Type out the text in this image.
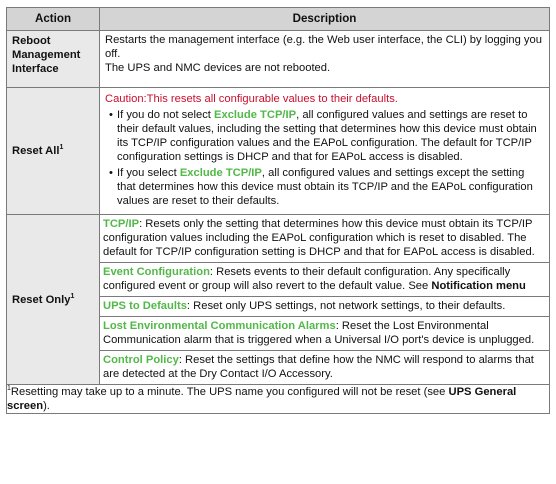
Action	Description
Reboot Management Interface	Restarts the management interface (e.g. the Web user interface, the CLI) by logging you off.

The UPS and NMC devices are not rebooted.

Reset All$^1$	Caution:This resets all configurable values to their defaults.

• If you do not select Exclude TCP/IP, all configured values and settings are reset to their default values, including the setting that determines how this device must obtain its TCP/IP configuration values and the EAPoL configuration. The default for TCP/IP configuration settings is DHCP and that for EAPoL access is disabled.

• If you select Exclude TCP/IP, all configured values and settings except the setting that determines how this device must obtain its TCP/IP and the EAPoL configuration values are reset to their defaults.

Reset Only$^1$	TCP/IP: Resets only the setting that determines how this device must obtain its TCP/IP configuration values including the EAPoL configuration which is reset to disabled. The default for TCP/IP configuration setting is DHCP and that for EAPoL access is disabled.
Event Configuration: Resets events to their default configuration. Any specifically configured event or group will also revert to the default value. See Notification menu
UPS to Defaults: Reset only UPS settings, not network settings, to their defaults.
Lost Environmental Communication Alarms: Reset the Lost Environmental Communication alarm that is triggered when a Universal I/O port's device is unplugged.
Control Policy: Reset the settings that define how the NMC will respond to alarms that are detected at the Dry Contact I/O Accessory.

$^1$Resetting may take up to a minute. The UPS name you configured will not be reset (see UPS General screen).	
